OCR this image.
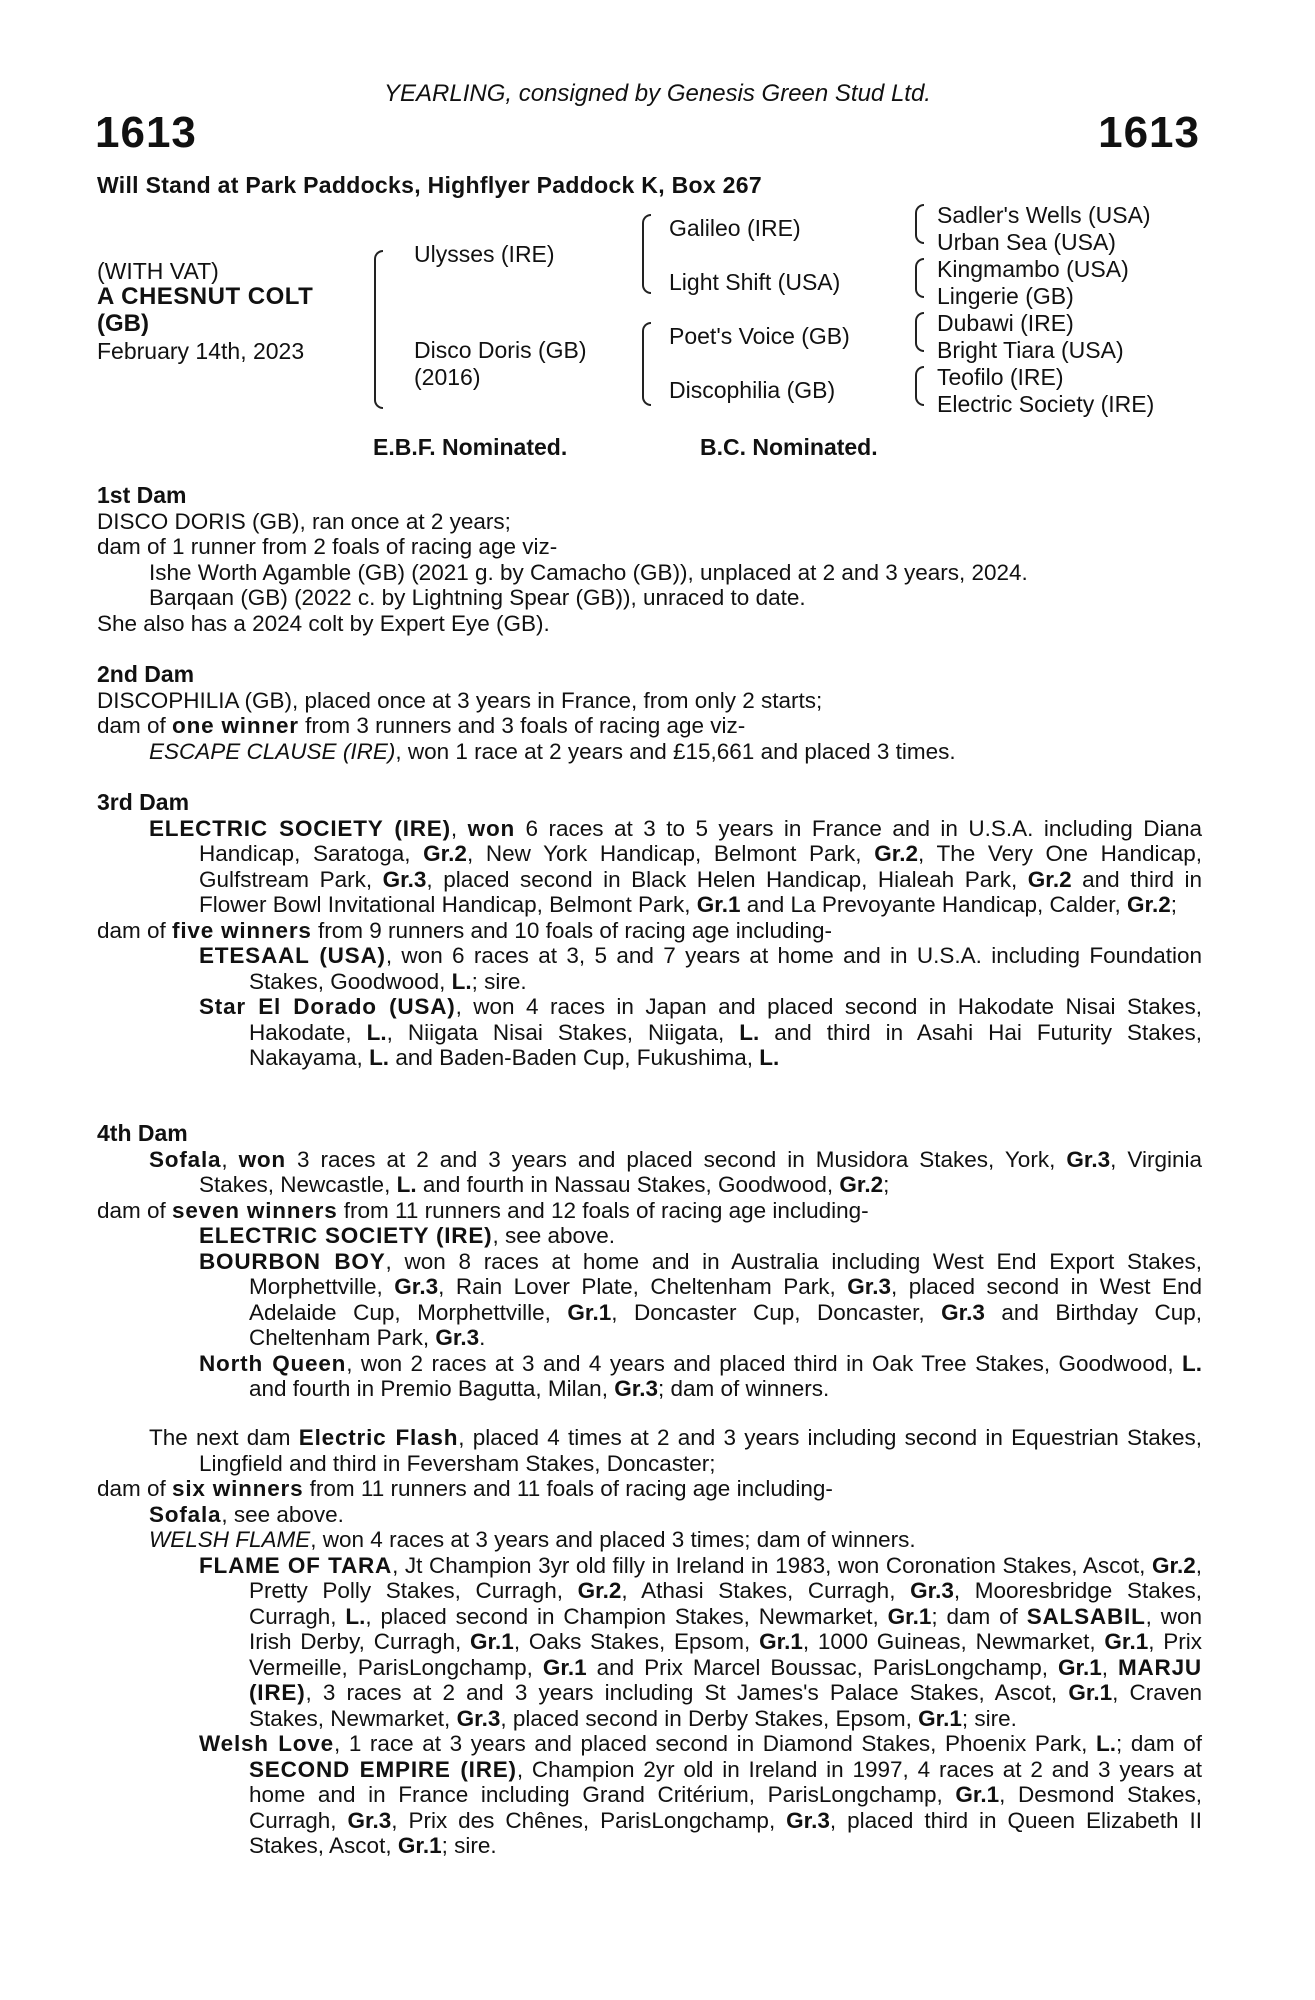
YEARLING, consigned by Genesis Green Stud Ltd.
1613	1613
Will Stand at Park Paddocks, Highflyer Paddock K, Box 267
(WITH VAT)
A CHESNUT COLT
(GB)
February 14th, 2023
Ulysses (IRE)
Disco Doris (GB)
(2016)
Galileo (IRE)
Light Shift (USA)
Poet's Voice (GB)
Discophilia (GB)
Sadler's Wells (USA)
Urban Sea (USA)
Kingmambo (USA)
Lingerie (GB)
Dubawi (IRE)
Bright Tiara (USA)
Teofilo (IRE)
Electric Society (IRE)
E.B.F. Nominated.	B.C. Nominated.

1st Dam

DISCO DORIS (GB), ran once at 2 years;

dam of 1 runner from 2 foals of racing age viz-

Ishe Worth Agamble (GB) (2021 g. by Camacho (GB)), unplaced at 2 and 3 years, 2024.

Barqaan (GB) (2022 c. by Lightning Spear (GB)), unraced to date.

She also has a 2024 colt by Expert Eye (GB).

2nd Dam

DISCOPHILIA (GB), placed once at 3 years in France, from only 2 starts;

dam of one winner from 3 runners and 3 foals of racing age viz-

ESCAPE CLAUSE (IRE), won 1 race at 2 years and £15,661 and placed 3 times.

3rd Dam

ELECTRIC SOCIETY (IRE), won 6 races at 3 to 5 years in France and in U.S.A. including Diana Handicap, Saratoga, Gr.2, New York Handicap, Belmont Park, Gr.2, The Very One Handicap, Gulfstream Park, Gr.3, placed second in Black Helen Handicap, Hialeah Park, Gr.2 and third in Flower Bowl Invitational Handicap, Belmont Park, Gr.1 and La Prevoyante Handicap, Calder, Gr.2;

dam of five winners from 9 runners and 10 foals of racing age including-

ETESAAL (USA), won 6 races at 3, 5 and 7 years at home and in U.S.A. including Foundation Stakes, Goodwood, L.; sire.

Star El Dorado (USA), won 4 races in Japan and placed second in Hakodate Nisai Stakes, Hakodate, L., Niigata Nisai Stakes, Niigata, L. and third in Asahi Hai Futurity Stakes, Nakayama, L. and Baden-Baden Cup, Fukushima, L.

4th Dam

Sofala, won 3 races at 2 and 3 years and placed second in Musidora Stakes, York, Gr.3, Virginia Stakes, Newcastle, L. and fourth in Nassau Stakes, Goodwood, Gr.2;

dam of seven winners from 11 runners and 12 foals of racing age including-

ELECTRIC SOCIETY (IRE), see above.

BOURBON BOY, won 8 races at home and in Australia including West End Export Stakes, Morphettville, Gr.3, Rain Lover Plate, Cheltenham Park, Gr.3, placed second in West End Adelaide Cup, Morphettville, Gr.1, Doncaster Cup, Doncaster, Gr.3 and Birthday Cup, Cheltenham Park, Gr.3.

North Queen, won 2 races at 3 and 4 years and placed third in Oak Tree Stakes, Goodwood, L. and fourth in Premio Bagutta, Milan, Gr.3; dam of winners.

The next dam Electric Flash, placed 4 times at 2 and 3 years including second in Equestrian Stakes, Lingfield and third in Feversham Stakes, Doncaster;

dam of six winners from 11 runners and 11 foals of racing age including-

Sofala, see above.

WELSH FLAME, won 4 races at 3 years and placed 3 times; dam of winners.

FLAME OF TARA, Jt Champion 3yr old filly in Ireland in 1983, won Coronation Stakes, Ascot, Gr.2, Pretty Polly Stakes, Curragh, Gr.2, Athasi Stakes, Curragh, Gr.3, Mooresbridge Stakes, Curragh, L., placed second in Champion Stakes, Newmarket, Gr.1; dam of SALSABIL, won Irish Derby, Curragh, Gr.1, Oaks Stakes, Epsom, Gr.1, 1000 Guineas, Newmarket, Gr.1, Prix Vermeille, ParisLongchamp, Gr.1 and Prix Marcel Boussac, ParisLongchamp, Gr.1, MARJU (IRE), 3 races at 2 and 3 years including St James's Palace Stakes, Ascot, Gr.1, Craven Stakes, Newmarket, Gr.3, placed second in Derby Stakes, Epsom, Gr.1; sire.

Welsh Love, 1 race at 3 years and placed second in Diamond Stakes, Phoenix Park, L.; dam of SECOND EMPIRE (IRE), Champion 2yr old in Ireland in 1997, 4 races at 2 and 3 years at home and in France including Grand Critérium, ParisLongchamp, Gr.1, Desmond Stakes, Curragh, Gr.3, Prix des Chênes, ParisLongchamp, Gr.3, placed third in Queen Elizabeth II Stakes, Ascot, Gr.1; sire.
